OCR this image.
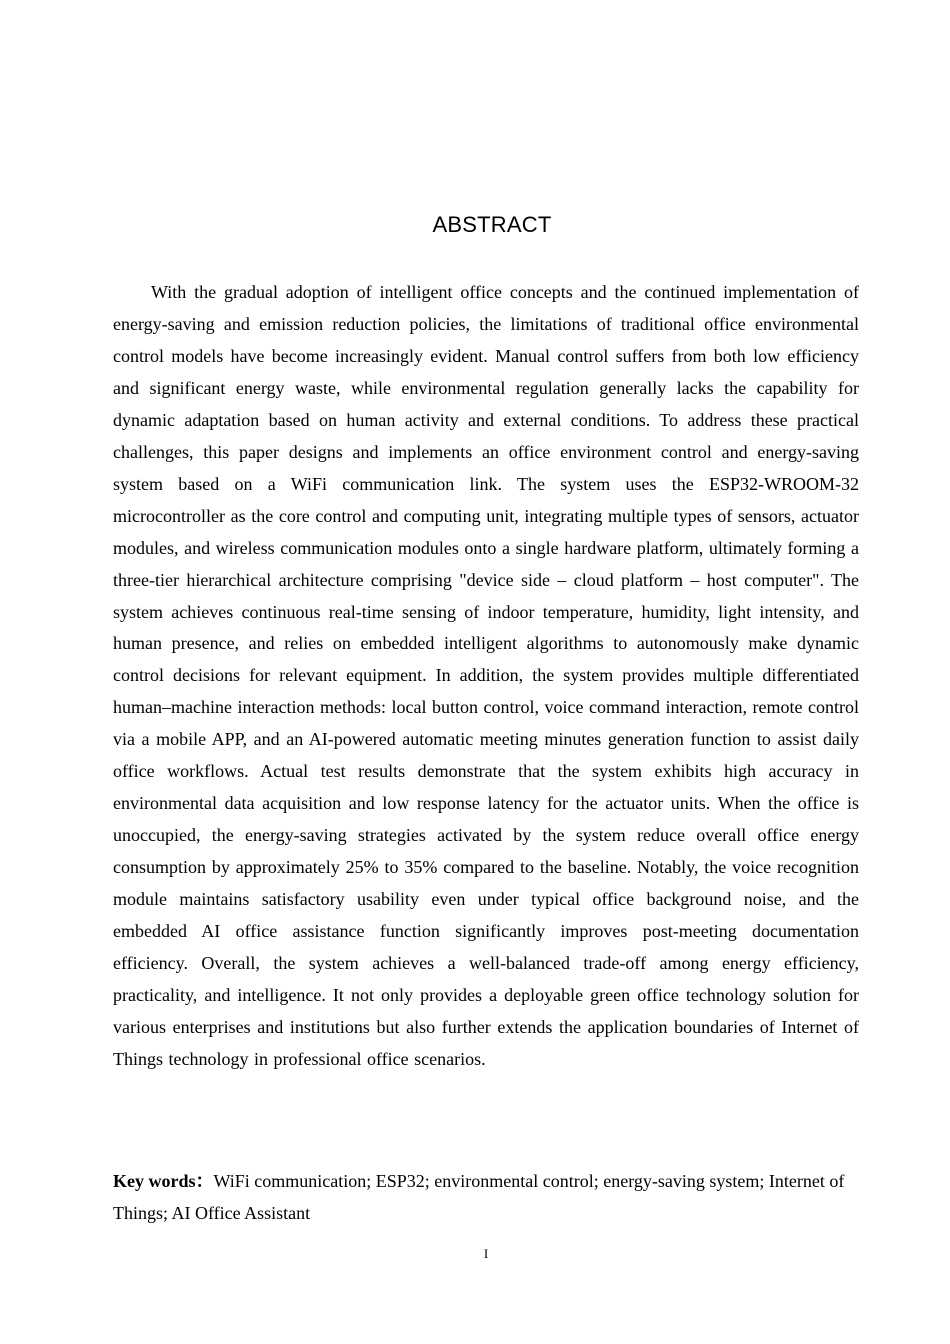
ABSTRACT

With the gradual adoption of intelligent office concepts and the continued implementation of energy-saving and emission reduction policies, the limitations of traditional office environmental control models have become increasingly evident. Manual control suffers from both low efficiency and significant energy waste, while environmental regulation generally lacks the capability for dynamic adaptation based on human activity and external conditions. To address these practical challenges, this paper designs and implements an office environment control and energy-saving system based on a WiFi communication link. The system uses the ESP32-WROOM-32 microcontroller as the core control and computing unit, integrating multiple types of sensors, actuator modules, and wireless communication modules onto a single hardware platform, ultimately forming a three-tier hierarchical architecture comprising "device side – cloud platform – host computer". The system achieves continuous real-time sensing of indoor temperature, humidity, light intensity, and human presence, and relies on embedded intelligent algorithms to autonomously make dynamic control decisions for relevant equipment. In addition, the system provides multiple differentiated human–machine interaction methods: local button control, voice command interaction, remote control via a mobile APP, and an AI-powered automatic meeting minutes generation function to assist daily office workflows. Actual test results demonstrate that the system exhibits high accuracy in environmental data acquisition and low response latency for the actuator units. When the office is unoccupied, the energy-saving strategies activated by the system reduce overall office energy consumption by approximately 25% to 35% compared to the baseline. Notably, the voice recognition module maintains satisfactory usability even under typical office background noise, and the embedded AI office assistance function significantly improves post-meeting documentation efficiency. Overall, the system achieves a well-balanced trade-off among energy efficiency, practicality, and intelligence. It not only provides a deployable green office technology solution for various enterprises and institutions but also further extends the application boundaries of Internet of Things technology in professional office scenarios.

Key words：WiFi communication; ESP32; environmental control; energy-saving system; Internet of Things; AI Office Assistant

I
